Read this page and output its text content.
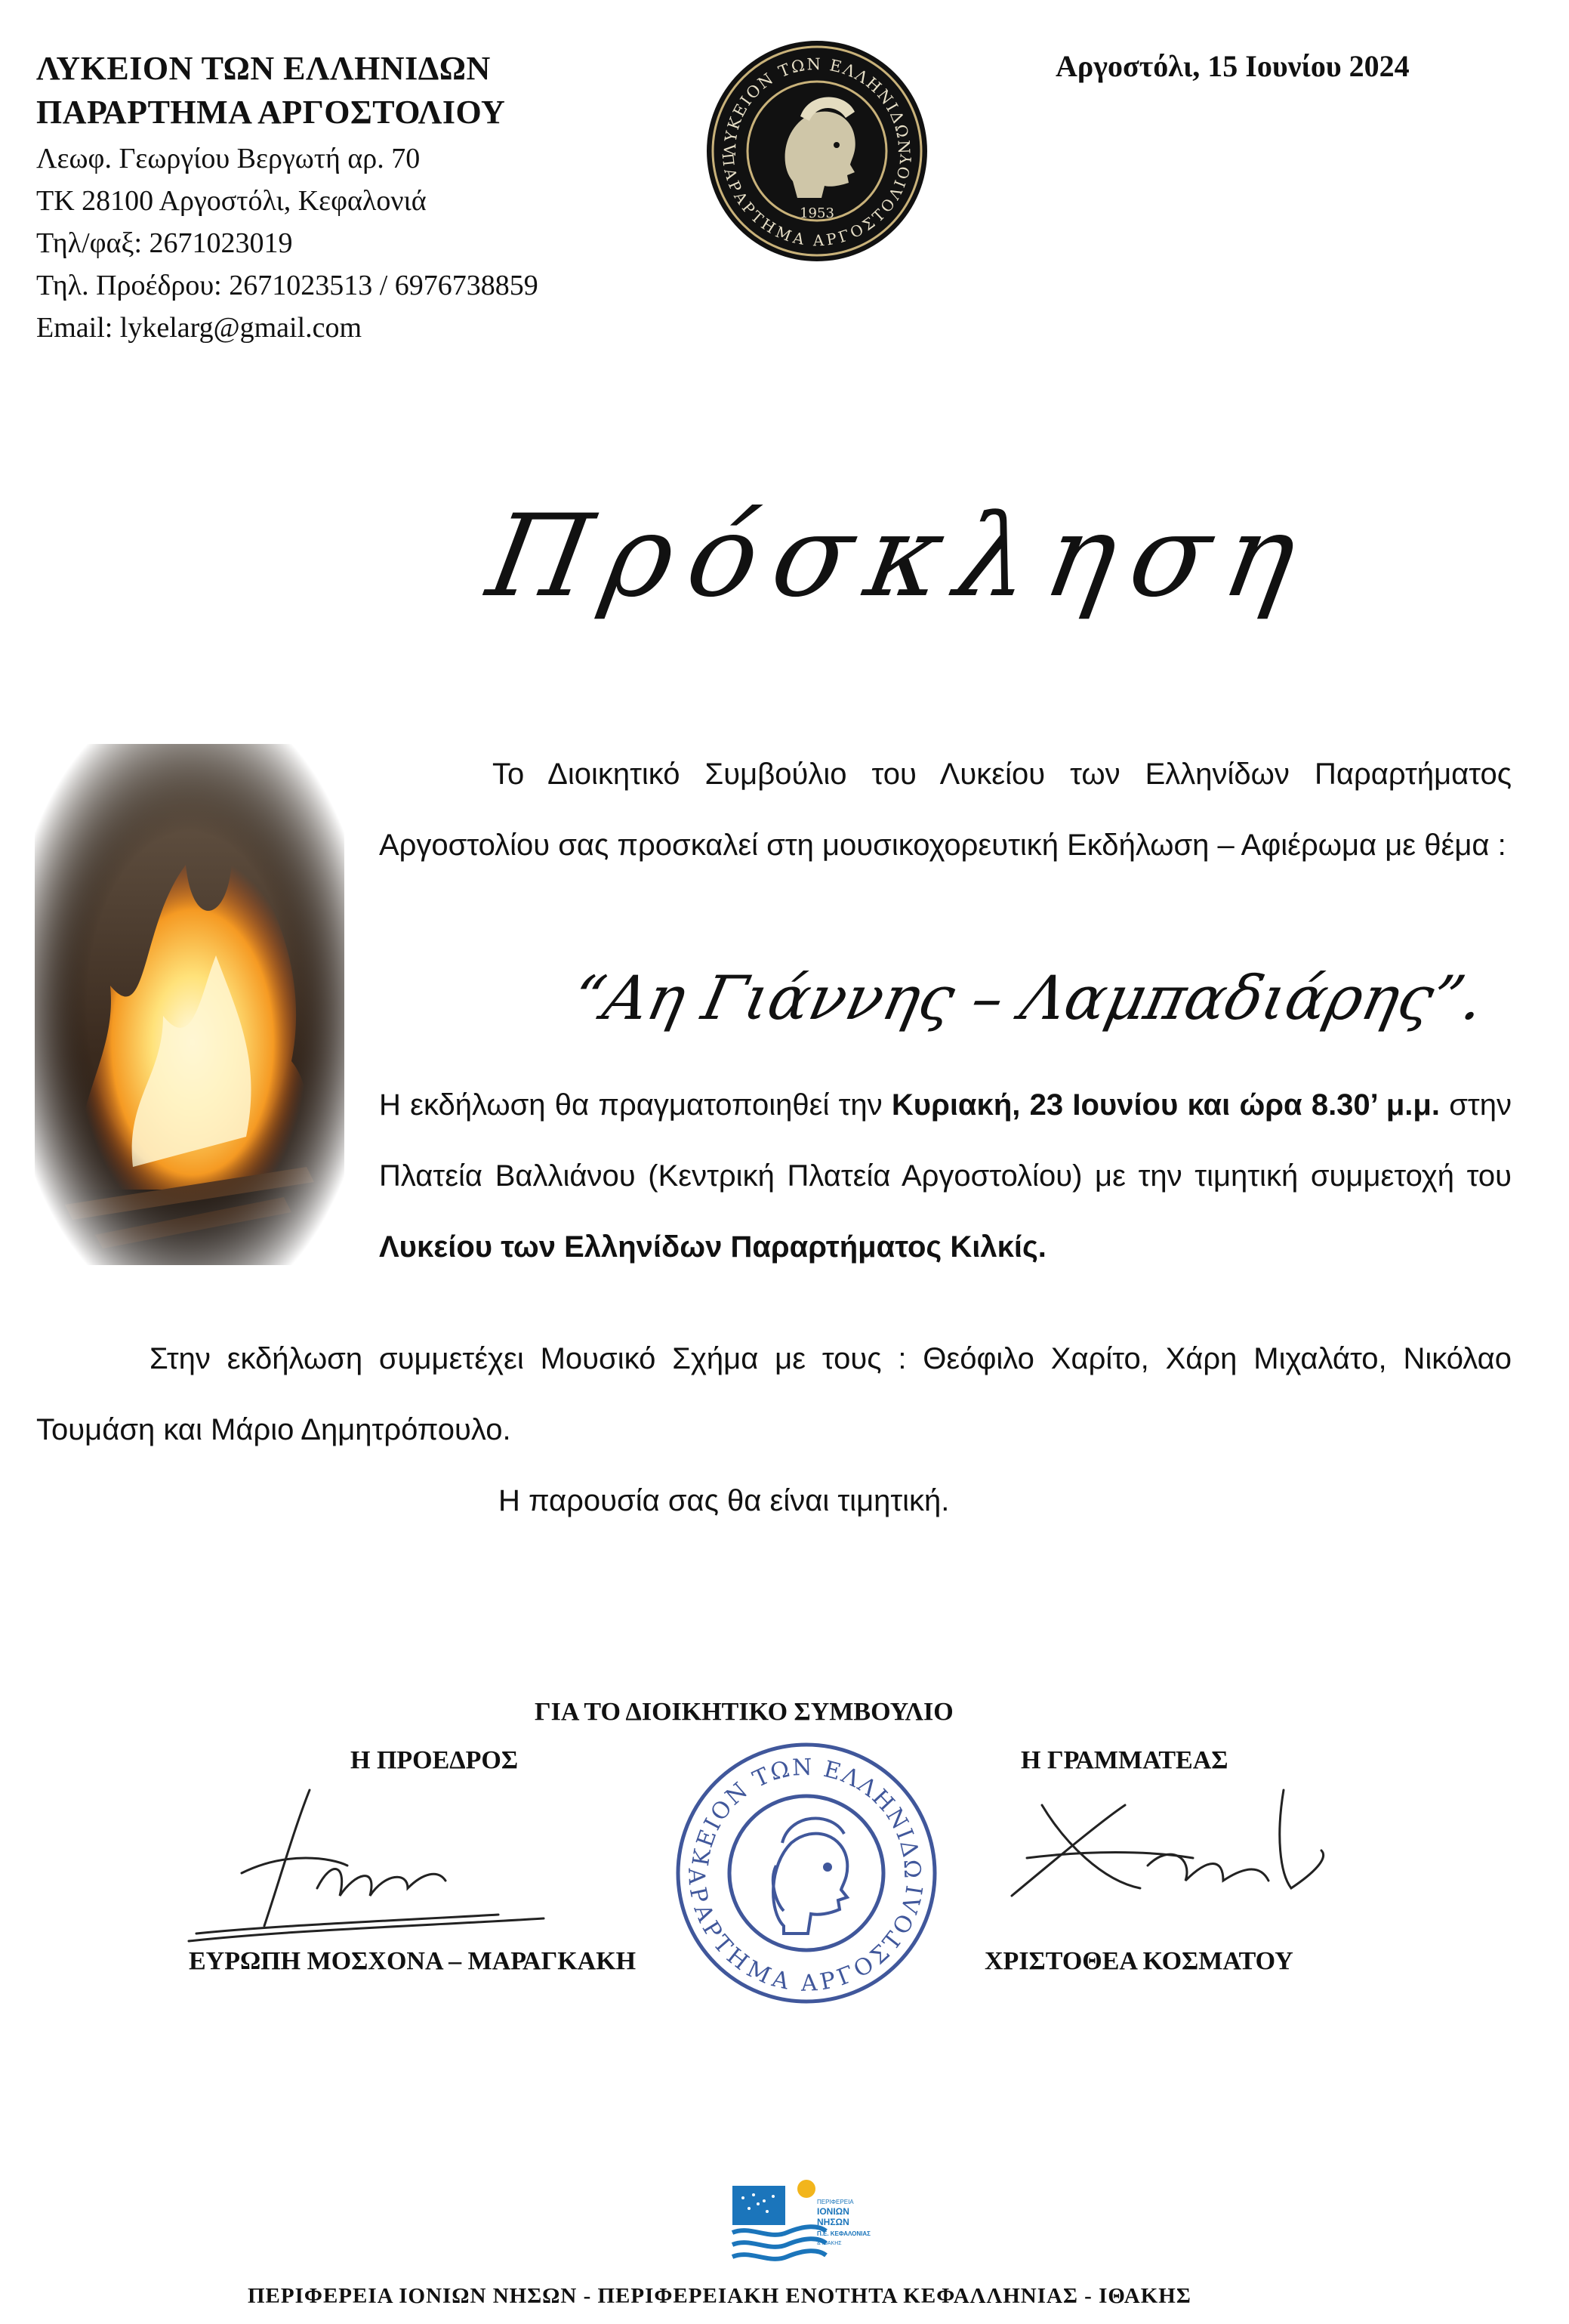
ΛΥΚΕΙΟΝ ΤΩΝ ΕΛΛΗΝΙΔΩΝ
ΠΑΡΑΡΤΗΜΑ ΑΡΓΟΣΤΟΛΙΟΥ
Λεωφ. Γεωργίου Βεργωτή αρ. 70
ΤΚ 28100 Αργοστόλι, Κεφαλονιά
Τηλ/φαξ: 2671023019
Τηλ. Προέδρου: 2671023513 / 6976738859
Email: lykelarg@gmail.com
Αργοστόλι, 15 Ιουνίου 2024
ΛΥΚΕΙΟΝ ΤΩΝ ΕΛΛΗΝΙΔΩΝ
ΠΑΡΑΡΤΗΜΑ ΑΡΓΟΣΤΟΛΙΟΥ
1953
Πρόσκληση

Το Διοικητικό Συμβούλιο του Λυκείου των Ελληνίδων Παραρτήματος Αργοστολίου σας προσκαλεί στη μουσικοχορευτική Εκδήλωση – Αφιέρωμα με θέμα :

“Αη Γιάννης – Λαμπαδιάρης”.

Η εκδήλωση θα πραγματοποιηθεί την Κυριακή, 23 Ιουνίου και ώρα 8.30’ μ.μ. στην Πλατεία Βαλλιάνου (Κεντρική Πλατεία Αργοστολίου) με την τιμητική συμμετοχή του Λυκείου των Ελληνίδων Παραρτήματος Κιλκίς.

Στην εκδήλωση συμμετέχει Μουσικό Σχήμα με τους : Θεόφιλο Χαρίτο, Χάρη Μιχαλάτο, Νικόλαο Τουμάση και Μάριο Δημητρόπουλο.

Η παρουσία σας θα είναι τιμητική.
ΓΙΑ ΤΟ ΔΙΟΙΚΗΤΙΚΟ ΣΥΜΒΟΥΛΙΟ
Η ΠΡΟΕΔΡΟΣ	Η ΓΡΑΜΜΑΤΕΑΣ
ΕΥΡΩΠΗ ΜΟΣΧΟΝΑ – ΜΑΡΑΓΚΑΚΗ	ΧΡΙΣΤΟΘΕΑ ΚΟΣΜΑΤΟΥ
ΚΕΙΟΝ ΤΩΝ ΕΛΛΗΝΙΔΩ
ΑΡΑΡΤΗΜΑ ΑΡΓΟΣΤΟΛΙ
ΠΕΡΙΦΕΡΕΙΑ
ΙΟΝΙΩΝ
ΝΗΣΩΝ
Π.Ε. ΚΕΦΑΛΟΝΙΑΣ
& ΙΘΑΚΗΣ
ΠΕΡΙΦΕΡΕΙΑ ΙΟΝΙΩΝ ΝΗΣΩΝ - ΠΕΡΙΦΕΡΕΙΑΚΗ ΕΝΟΤΗΤΑ ΚΕΦΑΛΛΗΝΙΑΣ - ΙΘΑΚΗΣ
